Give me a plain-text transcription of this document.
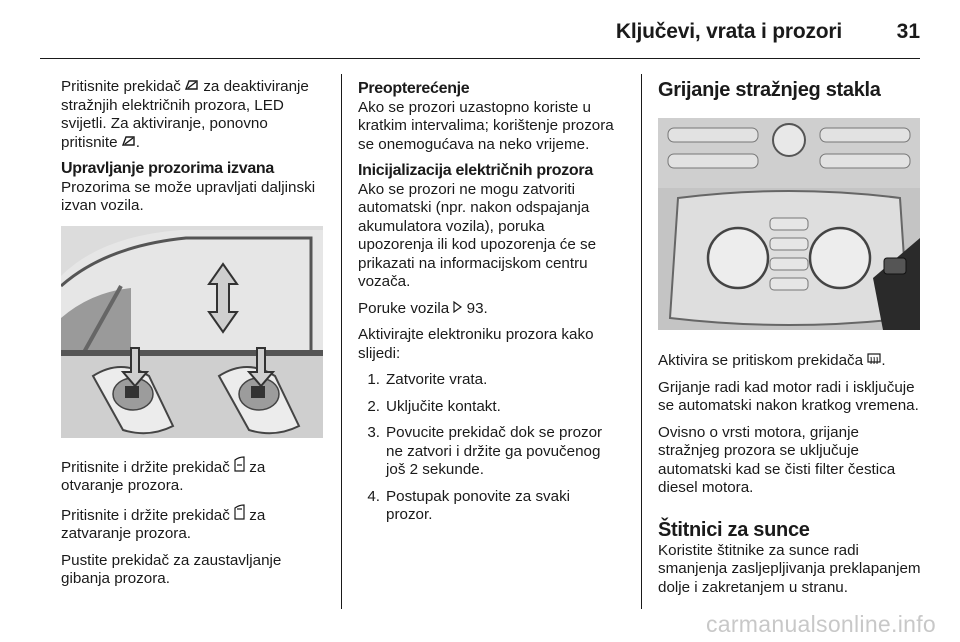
Ključevi, vrata i prozori	31

Pritisnite prekidač  za deaktiviranje stražnjih električnih prozora, LED svijetli. Za aktiviranje, ponovno pritisnite .

Upravljanje prozorima izvana

Prozorima se može upravljati daljinski izvan vozila.

Pritisnite i držite prekidač  za otvaranje prozora.

Pritisnite i držite prekidač  za zatvaranje prozora.

Pustite prekidač za zaustavljanje gibanja prozora.

Preopterećenje

Ako se prozori uzastopno koriste u kratkim intervalima; korištenje prozora se onemogućava na neko vrijeme.

Inicijalizacija električnih prozora

Ako se prozori ne mogu zatvoriti automatski (npr. nakon odspajanja akumulatora vozila), poruka upozorenja ili kod upozorenja će se prikazati na informacijskom centru vozača.

Poruke vozila  93.

Aktivirajte elektroniku prozora kako slijedi:

1. Zatvorite vrata.
2. Uključite kontakt.
3. Povucite prekidač dok se prozor ne zatvori i držite ga povučenog još 2 sekunde.
4. Postupak ponovite za svaki prozor.
Grijanje stražnjeg stakla

Aktivira se pritiskom prekidača .

Grijanje radi kad motor radi i isključuje se automatski nakon kratkog vremena.

Ovisno o vrsti motora, grijanje stražnjeg prozora se uključuje automatski kad se čisti filter čestica diesel motora.

Štitnici za sunce

Koristite štitnike za sunce radi smanjenja zasljepljivanja preklapanjem dolje i zakretanjem u stranu.

carmanualsonline.info
